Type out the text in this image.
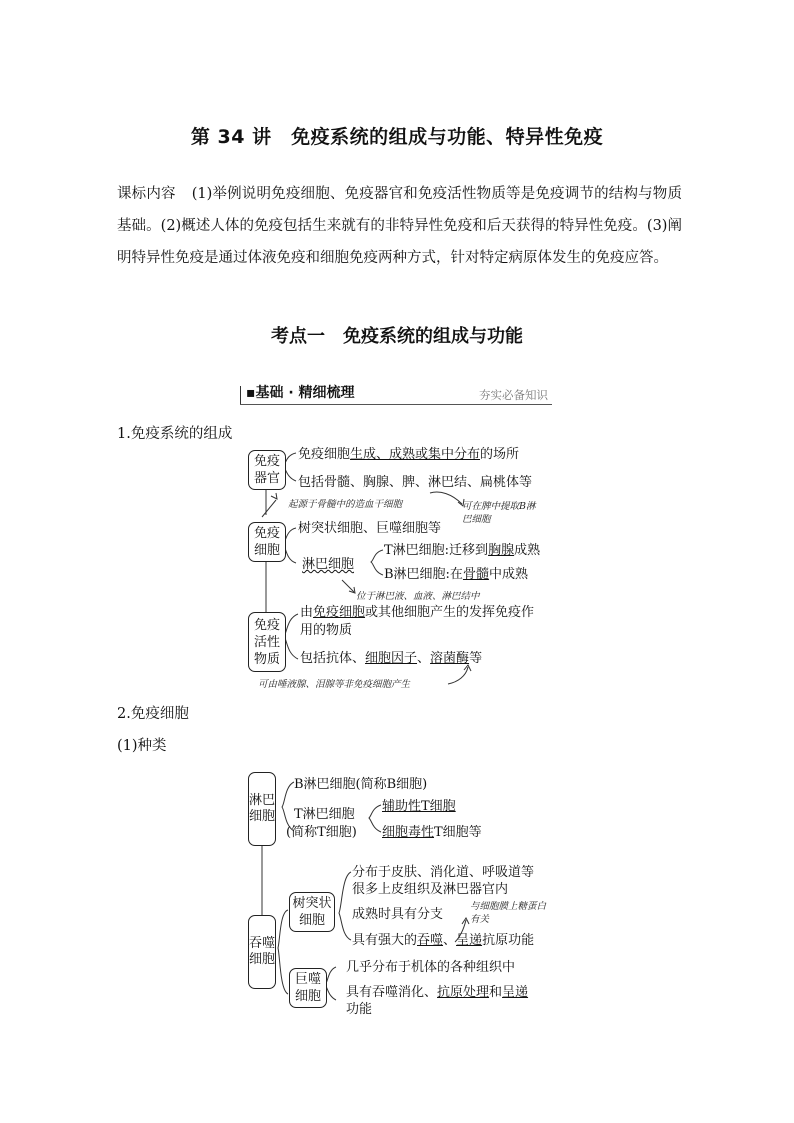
第 34 讲　免疫系统的组成与功能、特异性免疫
课标内容 (1)举例说明免疫细胞、免疫器官和免疫活性物质等是免疫调节的结构与物质基础。(2)概述人体的免疫包括生来就有的非特异性免疫和后天获得的特异性免疫。(3)阐明特异性免疫是通过体液免疫和细胞免疫两种方式，针对特定病原体发生的免疫应答。
考点一　免疫系统的组成与功能
▪基础 · 精细梳理	夯实必备知识
1.免疫系统的组成
免疫器官
免疫细胞生成、成熟或集中分布的场所
包括骨髓、胸腺、脾、淋巴结、扁桃体等
起源于骨髓中的造血干细胞	可在脾中提取B淋巴细胞
免疫细胞
树突状细胞、巨噬细胞等
淋巴细胞
T淋巴细胞:迁移到胸腺成熟
B淋巴细胞:在骨髓中成熟
位于淋巴液、血液、淋巴结中
免疫活性物质
由免疫细胞或其他细胞产生的发挥免疫作
用的物质
包括抗体、细胞因子、溶菌酶等
可由唾液腺、泪腺等非免疫细胞产生
2.免疫细胞
(1)种类
淋巴细胞
B淋巴细胞(简称B细胞)
T淋巴细胞
(简称T细胞)
辅助性T细胞
细胞毒性T细胞等
吞噬细胞
树突状细胞
分布于皮肤、消化道、呼吸道等
很多上皮组织及淋巴器官内
成熟时具有分支
与细胞膜上糖蛋白有关
具有强大的吞噬、呈递抗原功能
巨噬细胞
几乎分布于机体的各种组织中
具有吞噬消化、抗原处理和呈递
功能
